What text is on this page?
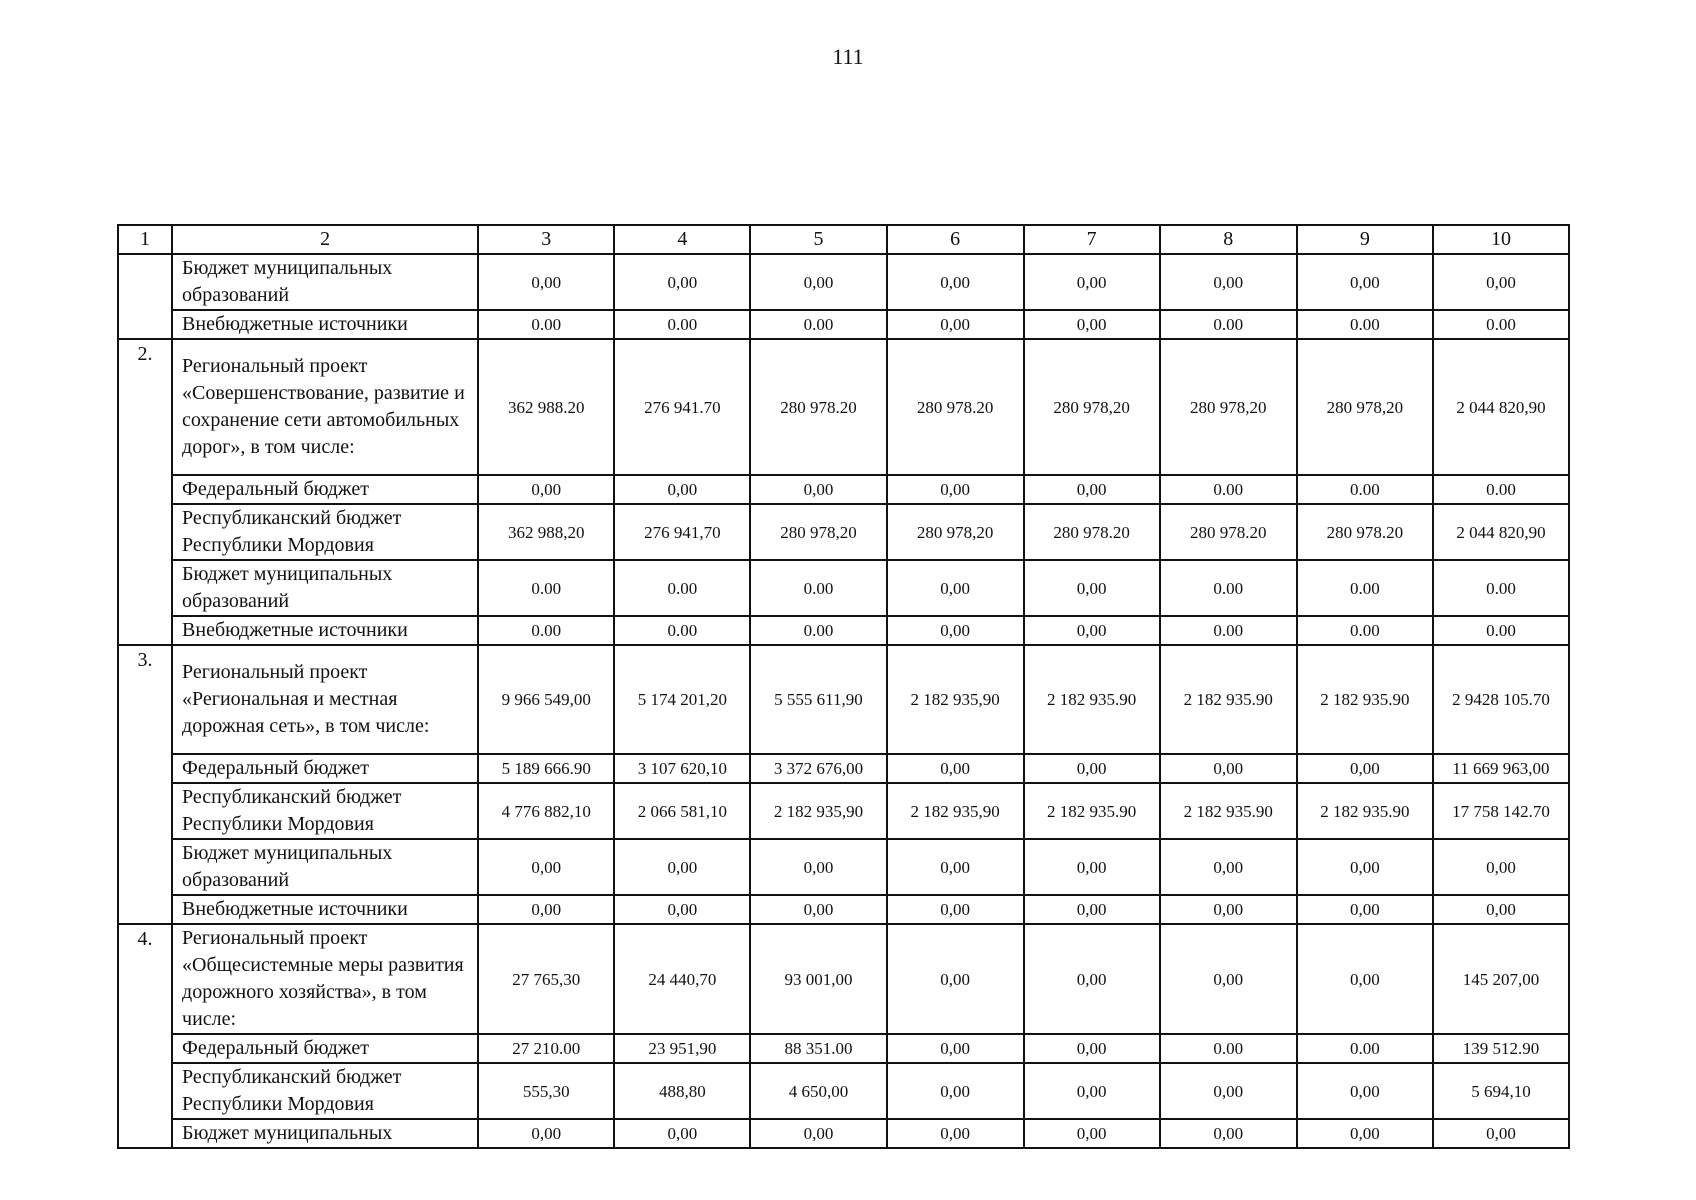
111
1	2	3	4	5	6	7	8	9	10
	Бюджет муниципальных образований	0,00	0,00	0,00	0,00	0,00	0,00	0,00	0,00
	Внебюджетные источники	0.00	0.00	0.00	0,00	0,00	0.00	0.00	0.00
2.	Региональный проект «Совершенствование, развитие и сохранение сети автомобильных дорог», в том числе:	362 988.20	276 941.70	280 978.20	280 978.20	280 978,20	280 978,20	280 978,20	2 044 820,90
	Федеральный бюджет	0,00	0,00	0,00	0,00	0,00	0.00	0.00	0.00
	Республиканский бюджет Республики Мордовия	362 988,20	276 941,70	280 978,20	280 978,20	280 978.20	280 978.20	280 978.20	2 044 820,90
	Бюджет муниципальных образований	0.00	0.00	0.00	0,00	0,00	0.00	0.00	0.00
	Внебюджетные источники	0.00	0.00	0.00	0,00	0,00	0.00	0.00	0.00
3.	Региональный проект «Региональная и местная дорожная сеть», в том числе:	9 966 549,00	5 174 201,20	5 555 611,90	2 182 935,90	2 182 935.90	2 182 935.90	2 182 935.90	2 9428 105.70
	Федеральный бюджет	5 189 666.90	3 107 620,10	3 372 676,00	0,00	0,00	0,00	0,00	11 669 963,00
	Республиканский бюджет Республики Мордовия	4 776 882,10	2 066 581,10	2 182 935,90	2 182 935,90	2 182 935.90	2 182 935.90	2 182 935.90	17 758 142.70
	Бюджет муниципальных образований	0,00	0,00	0,00	0,00	0,00	0,00	0,00	0,00
	Внебюджетные источники	0,00	0,00	0,00	0,00	0,00	0,00	0,00	0,00
4.	Региональный проект «Общесистемные меры развития дорожного хозяйства», в том числе:	27 765,30	24 440,70	93 001,00	0,00	0,00	0,00	0,00	145 207,00
	Федеральный бюджет	27 210.00	23 951,90	88 351.00	0,00	0,00	0.00	0.00	139 512.90
	Республиканский бюджет Республики Мордовия	555,30	488,80	4 650,00	0,00	0,00	0,00	0,00	5 694,10
	Бюджет муниципальных	0,00	0,00	0,00	0,00	0,00	0,00	0,00	0,00
